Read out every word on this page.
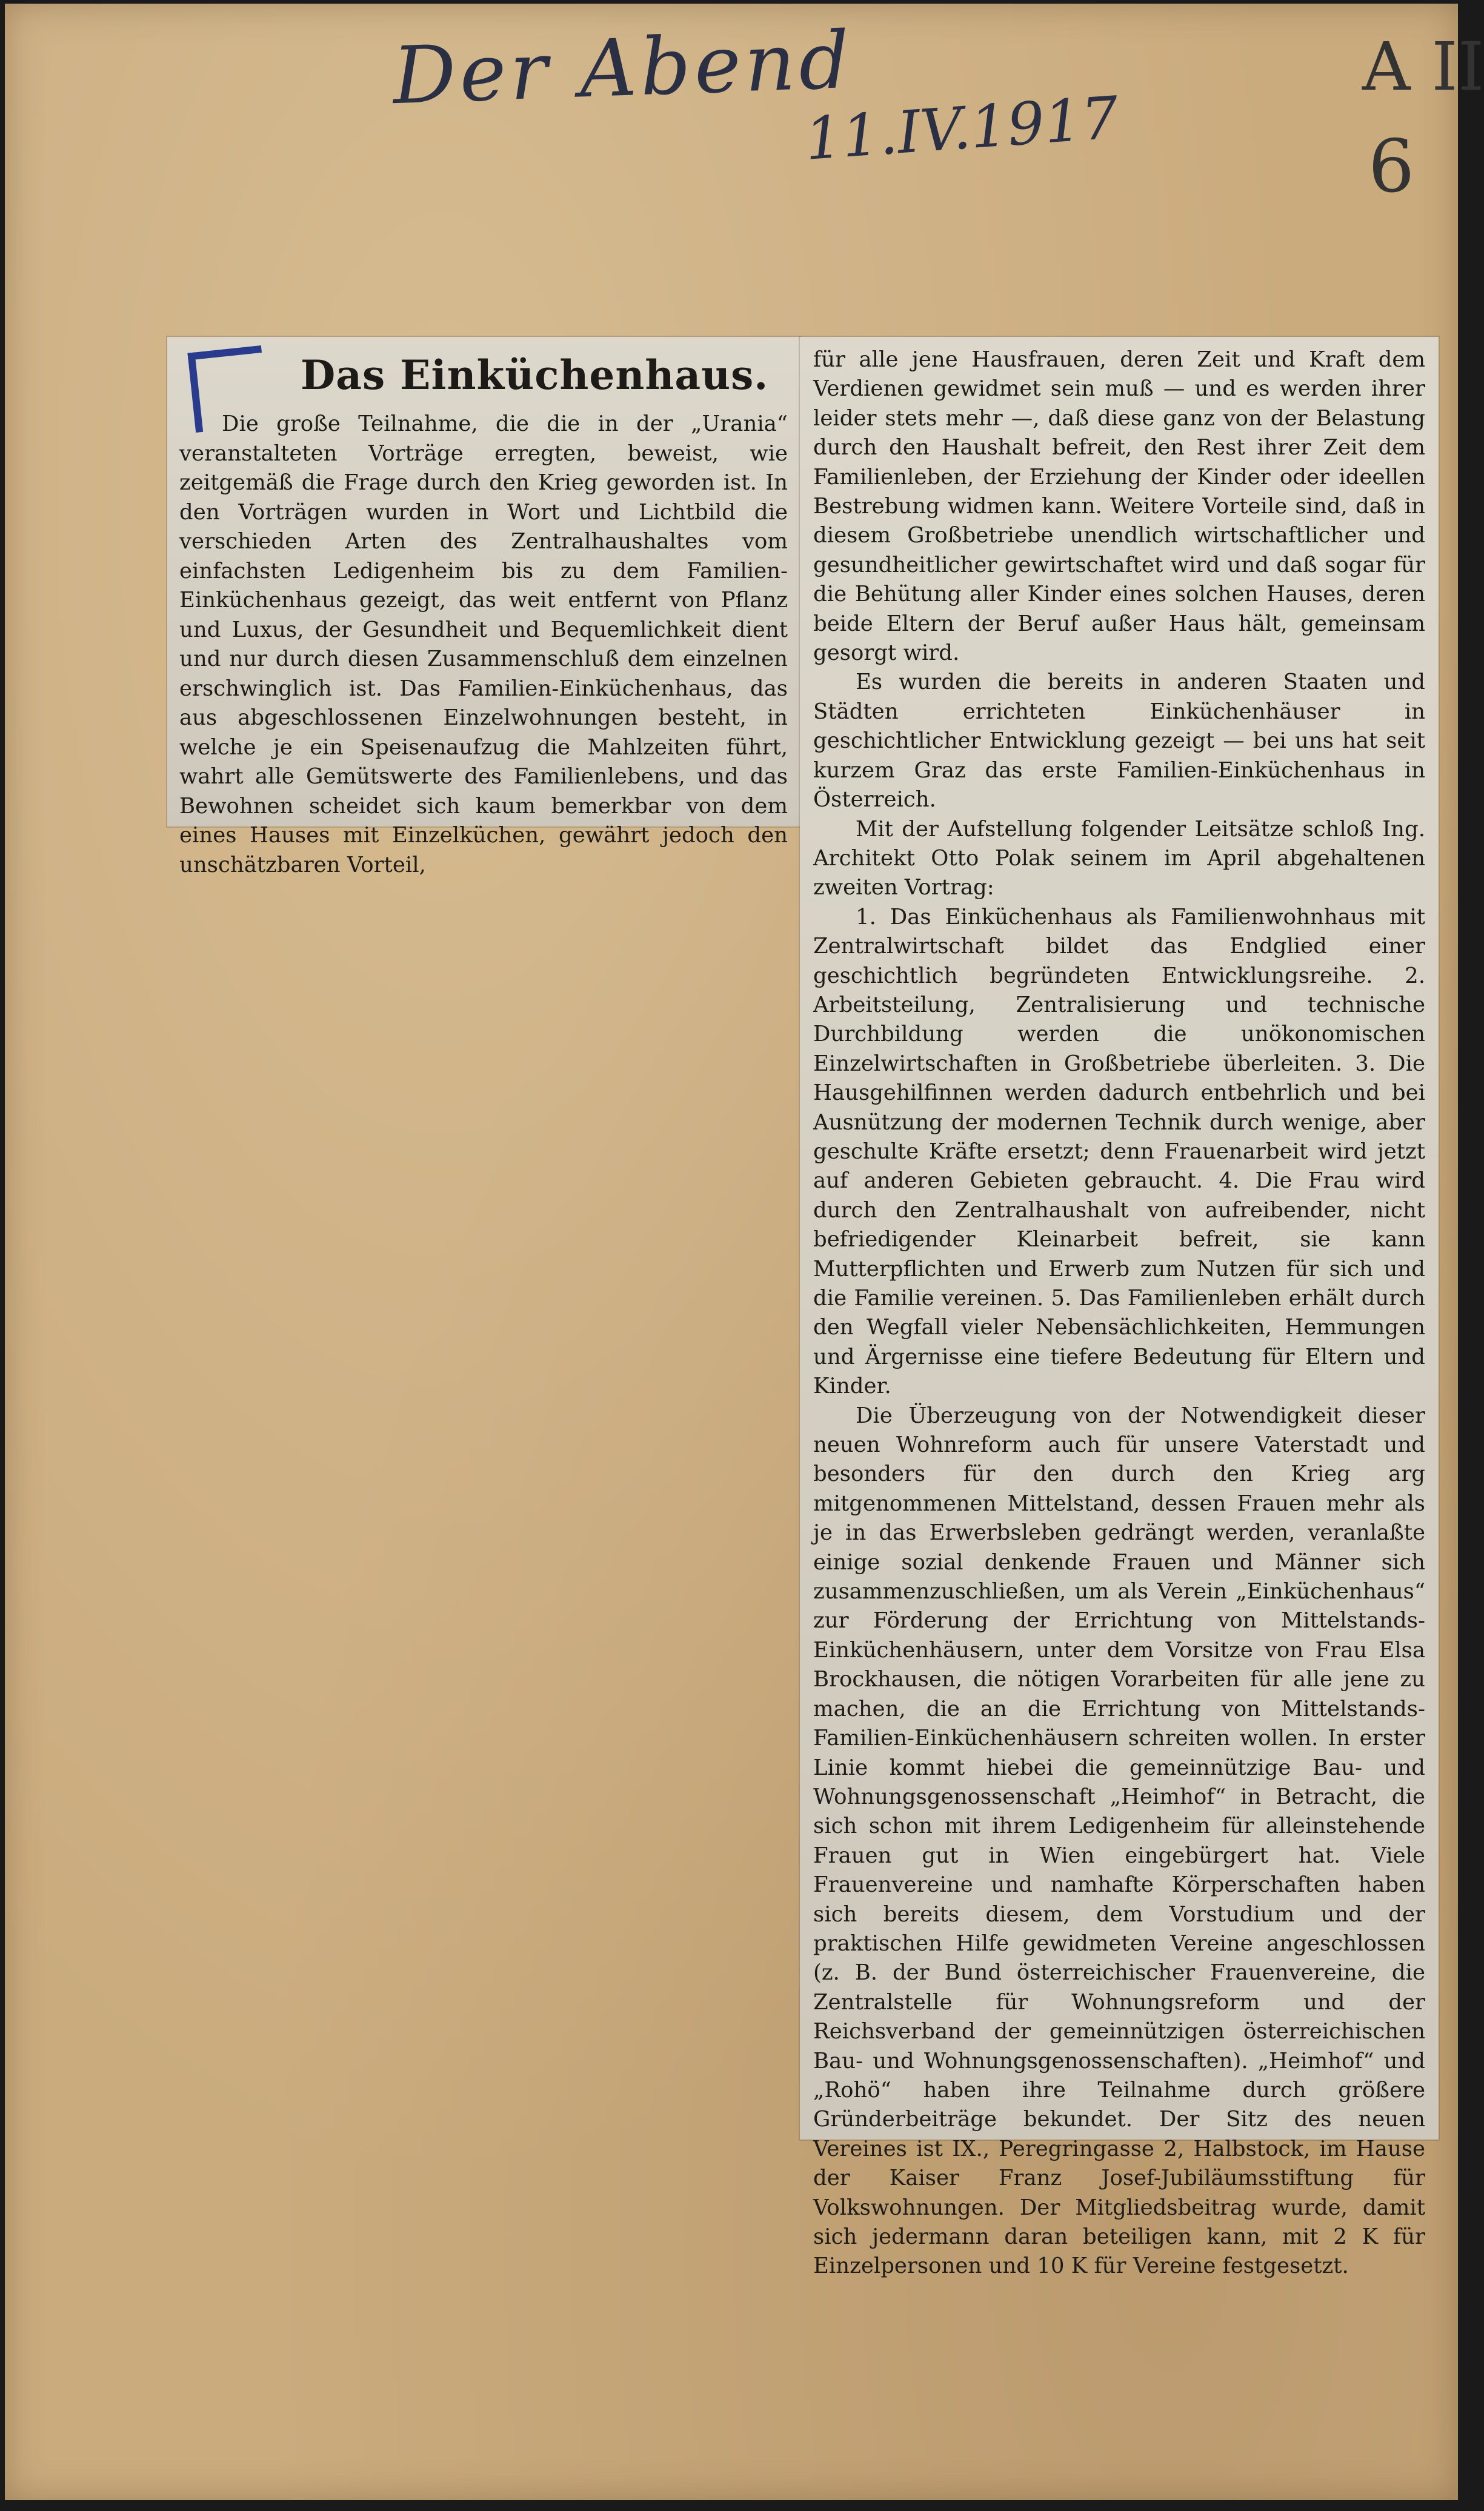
Der Abend
11.IV.1917
A II
6
Das Einküchenhaus.

Die große Teilnahme, die die in der „Urania“ veranstalteten Vorträge erregten, beweist, wie zeitgemäß die Frage durch den Krieg geworden ist. In den Vorträgen wurden in Wort und Lichtbild die verschieden Arten des Zentralhaushaltes vom einfachsten Ledigenheim bis zu dem Familien-Einküchenhaus gezeigt, das weit entfernt von Pflanz und Luxus, der Gesundheit und Bequemlichkeit dient und nur durch diesen Zusammenschluß dem einzelnen erschwinglich ist. Das Familien-Einküchenhaus, das aus abgeschlossenen Einzelwohnungen besteht, in welche je ein Speisenaufzug die Mahlzeiten führt, wahrt alle Gemütswerte des Familienlebens, und das Bewohnen scheidet sich kaum bemerkbar von dem eines Hauses mit Einzelküchen, gewährt jedoch den unschätzbaren Vorteil,

für alle jene Hausfrauen, deren Zeit und Kraft dem Verdienen gewidmet sein muß — und es werden ihrer leider stets mehr —, daß diese ganz von der Belastung durch den Haushalt befreit, den Rest ihrer Zeit dem Familienleben, der Erziehung der Kinder oder ideellen Bestrebung widmen kann. Weitere Vorteile sind, daß in diesem Großbetriebe unendlich wirtschaftlicher und gesundheitlicher gewirtschaftet wird und daß sogar für die Behütung aller Kinder eines solchen Hauses, deren beide Eltern der Beruf außer Haus hält, gemeinsam gesorgt wird.

Es wurden die bereits in anderen Staaten und Städten errichteten Einküchenhäuser in geschichtlicher Entwicklung gezeigt — bei uns hat seit kurzem Graz das erste Familien-Einküchenhaus in Österreich.

Mit der Aufstellung folgender Leitsätze schloß Ing. Architekt Otto Polak seinem im April abgehaltenen zweiten Vortrag:

1. Das Einküchenhaus als Familienwohnhaus mit Zentralwirtschaft bildet das Endglied einer geschichtlich begründeten Entwicklungsreihe. 2. Arbeitsteilung, Zentralisierung und technische Durchbildung werden die unökonomischen Einzelwirtschaften in Großbetriebe überleiten. 3. Die Hausgehilfinnen werden dadurch entbehrlich und bei Ausnützung der modernen Technik durch wenige, aber geschulte Kräfte ersetzt; denn Frauenarbeit wird jetzt auf anderen Gebieten gebraucht. 4. Die Frau wird durch den Zentralhaushalt von aufreibender, nicht befriedigender Kleinarbeit befreit, sie kann Mutterpflichten und Erwerb zum Nutzen für sich und die Familie vereinen. 5. Das Familienleben erhält durch den Wegfall vieler Nebensächlichkeiten, Hemmungen und Ärgernisse eine tiefere Bedeutung für Eltern und Kinder.

Die Überzeugung von der Notwendigkeit dieser neuen Wohnreform auch für unsere Vaterstadt und besonders für den durch den Krieg arg mitgenommenen Mittelstand, dessen Frauen mehr als je in das Erwerbsleben gedrängt werden, veranlaßte einige sozial denkende Frauen und Männer sich zusammenzuschließen, um als Verein „Einküchenhaus“ zur Förderung der Errichtung von Mittelstands-Einküchenhäusern, unter dem Vorsitze von Frau Elsa Brockhausen, die nötigen Vorarbeiten für alle jene zu machen, die an die Errichtung von Mittelstands-Familien-Einküchenhäusern schreiten wollen. In erster Linie kommt hiebei die gemeinnützige Bau- und Wohnungsgenossenschaft „Heimhof“ in Betracht, die sich schon mit ihrem Ledigenheim für alleinstehende Frauen gut in Wien eingebürgert hat. Viele Frauenvereine und namhafte Körperschaften haben sich bereits diesem, dem Vorstudium und der praktischen Hilfe gewidmeten Vereine angeschlossen (z. B. der Bund österreichischer Frauenvereine, die Zentralstelle für Wohnungsreform und der Reichsverband der gemeinnützigen österreichischen Bau- und Wohnungsgenossenschaften). „Heimhof“ und „Rohö“ haben ihre Teilnahme durch größere Gründerbeiträge bekundet. Der Sitz des neuen Vereines ist IX., Peregringasse 2, Halbstock, im Hause der Kaiser Franz Josef-Jubiläumsstiftung für Volkswohnungen. Der Mitgliedsbeitrag wurde, damit sich jedermann daran beteiligen kann, mit 2 K für Einzelpersonen und 10 K für Vereine festgesetzt.
